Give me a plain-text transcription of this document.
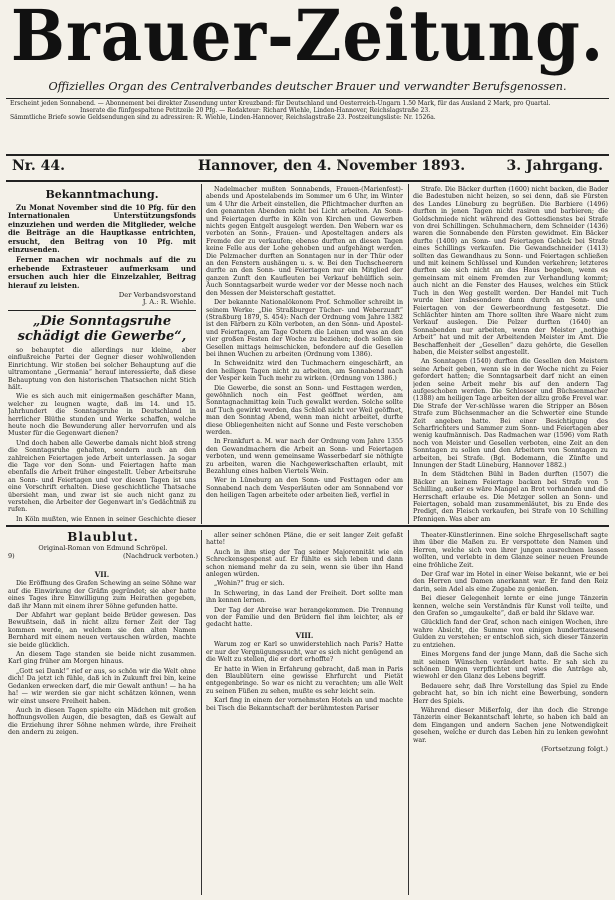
Brauer-Zeitung.
Offizielles Organ des Centralverbandes deutscher Brauer und verwandter Berufsgenossen.
Erscheint jeden Sonnabend. — Abonnement bei direkter Zusendung unter Kreuzband: für Deutschland und Oesterreich-Ungarn 1.50 Mark, für das Ausland 2 Mark, pro Quartal.
Inserate die fünfgespaltene Petitzeile 20 Pfg. — Redakteur: Richard Wiehle, Linden-Hannover, Reichslagstraße 23.
Sämmtliche Briefe sowie Geldsendungen sind zu adressiren: R. Wiehle, Linden-Hannover, Reichslagstraße 23. Postzeitungsliste: Nr. 1526a.
Nr. 44.	Hannover, den 4. November 1893.	3. Jahrgang.
Bekanntmachung.

Zu Monat November sind die 10 Pfg. für den Internationalen Unterstützungsfonds einzuziehen und werden die Mitglieder, welche die Beiträge an die Hauptkasse entrichten, ersucht, den Beitrag von 10 Pfg. mit einzusenden.

Ferner machen wir nochmals auf die zu erhebende Extrasteuer aufmerksam und ersuchen auch hier die Einzelzahler, Beitrag hierauf zu leisten.

Der Verbandsvorstand
J. A.: R. Wiehle.
„Die Sonntagsruhe schädigt die Gewerbe“,

so behauptet die allerdings nur kleine, aber einflußreiche Partei der Gegner dieser wohlwollenden Einrichtung. Wir stoßen bei solcher Behauptung auf die ultramontane „Germania“ herauf interessierte, daß diese Behauptung von den historischen Thatsachen nicht Stich hält.

Wie es sich auch mit einigermaßen geschäfter Mann, welcher zu leugnen wagte, daß im 14. und 15. Jahrhundert die Sonntagsruhe in Deutschland in herrlicher Blüthe stunden und Werke schaffen, welche heute noch die Bewunderung aller hervorrufen und als Muster für die Gegenwart dienen?

Und doch haben alle Gewerbe damals nicht bloß streng die Sonntagsruhe gehalten, sondern auch an den zahlreichen Feiertagen jede Arbeit unterlassen. Ja sogar die Tage vor den Sonn- und Feiertagen hatte man ebenfalls die Arbeit früher eingestellt. Ueber Arbeitsruhe an Sonn- und Feiertagen und vor diesen Tagen ist uns eine Vorschrift erhalten. Diese geschichtliche Thatsache übersieht man, und zwar ist sie auch nicht ganz zu verstehen, die Arbeiter der Gegenwart in's Gedächtniß zu rufen.

In Köln mußten, wie Ennen in seiner Geschichte dieser

Nadelmacher mußten Sonnabends, Frauen-(Marienfest)-abends und Apostelabends im Sommer um 6 Uhr, im Winter um 4 Uhr die Arbeit einstellen, die Pflichtmacher durften an den genannten Abenden nicht bei Licht arbeiten. An Sonn- und Feiertagen durfte in Köln von Kirchen und Gewerben nichts gegen Entgelt ausgelegt werden. Den Webern war es verboten an Sonn-, Frauen- und Aposteltagen anders als Fremde der zu verkaufen; ebenso durften an diesen Tagen keine Felle aus der Lohe gehoben und aufgehängt werden. Die Pelzmacher durften an Sonntagen nur in der Thür oder an den Fenstern aushängen u. s. w. Bei den Tuchscheerern durfte an den Sonn- und Feiertagen nur ein Mitglied der ganzen Zunft den Kaufleuten bei Verkauf behülflich sein. Auch Sonntagsarbeit wurde weder vor der Messe noch nach den Messen der Meisterschaft gestattet.

Der bekannte Nationalökonom Prof. Schmoller schreibt in seinem Werke: „Die Straßburger Tücher- und Weberzunft“ (Straßburg 1879, S. 454): Nach der Ordnung vom Jahre 1382 ist den Färbern zu Köln verboten, an den Sonn- und Apostel- und Feiertagen, am Tage Ostern die Leinen und was an den vier großen Festen der Woche zu beziehen; doch sollen sie Gesellen mittags heimschicken, befondere auf die Gesellen bei ihnen Wuchen zu arbeiten (Ordnung vom 1386).

In Schweidnitz wird den Tuchmachern eingeschärft, an den heiligen Tagen nicht zu arbeiten, am Sonnabend nach der Vesper kein Tuch mehr zu wirken. (Ordnung von 1386.)

Die Gewerbe, die sonst an Sonn- und Festtagen werden, gewöhnlich noch ein Fest geöffnet werden, am Sonntagnachmittag kein Tuch gewalkt werden. Solche sollte auf Tuch gewirkt werden, das Schloß nicht vor Weil geöffnet, man den Sonntag Abend, wenn man nicht arbeitet, durfte diese Obliegenheiten nicht auf Sonne und Feste verschoben werden.

In Frankfurt a. M. war nach der Ordnung vom Jahre 1355 den Gewandmachern die Arbeit an Sonn- und Feiertagen verboten, und wenn gemeinsame Wasserbedarf sie nöthigte zu arbeiten, waren die Nachgewerkschaften erlaubt, mit Bezahlung eines halben Viertels Wein.

Wer in Lüneburg an den Sonn- und Festtagen oder am Sonnabend nach dem Vesperläuten oder am Sonnabend vor den heiligen Tagen arbeitete oder arbeiten ließ, verfiel in

Strafe. Die Bäcker durften (1600) nicht backen, die Bader die Badestuben nicht heizen, so sei denn, daß sie Fürsten des Landes Lüneburg zu begrüßen. Die Barbiere (1496) durften in jenen Tagen nicht rasiren und barbieren; die Goldschmiede nicht während des Gottesdienstes bei Strafe von drei Schillingen. Schuhmachern, dem Schneider (1436) waren die Sonnabende den Fürsten gewidmet. Ein Bäcker durfte (1400) an Sonn- und Feiertagen Gebäck bei Strafe eines Schillings verkaufen. Die Gewandschneider (1413) sollten das Gewandhaus zu Sonn- und Feiertagen schließen und mit keinem Schlüssel und Kunden verkehren; letzteres durften sie sich nicht an das Haus begeben, wenn es gemeinsam mit einem Fremden zur Verhandlung kommt; auch nicht an die Fenster des Hauses, welches ein Stück Tuch in den Weg gestellt werden. Der Handel mit Tuch wurde hier insbesondere dann durch an Sonn- und Feiertagen von der Gewerbeordnung festgesetzt. Die Schlächter hinten am Thore sollten ihre Waare nicht zum Verkauf auslegen. Die Pelzer durften (1640) an Sonnabenden nur arbeiten, wenn der Meister „nothige Arbeit“ hat und mit der Arbeitenden Meister im Amt. Die Beschaffenheit der „Gesellen“ dazu gehörte, die Gesellen haben, die Meister selbst angestellt.

An Sonntagen (1540) durften die Gesellen den Meistern seine Arbeit geben, wenn sie in der Woche nicht zu Feier gefordert hatten; die Sonntagsarbeit darf nicht an einen jeden seine Arbeit mehr bis auf den andern Tag aufgeschoben werden. Die Schlosser und Büchsenmacher (1388) am heiligen Tage arbeiten der allzu große Frevel war. Die Strafe der Ver-schlüsse waren die Stripper an Bösen Strafe zum Büchsenmacher an die Schwerter eine Stunde Zeit angeben hatte. Bei einer Besichtigung des Scharfrichters und Sammer zum Sonn- und Feiertagen aber wenig kaufmännisch. Das Radmachen war (1596) vom Rath noch von Meister und Gesellen verboten, eine Zeit an den Sonntagen zu sollen und den Arbeitern von Sonntagen zu arbeiten, bei Strafe. (Bgl. Bodemann, die Zünfte und Innungen der Stadt Lüneburg, Hannover 1882.)

In dem Städtchen Bühl in Baden durften (1507) die Bäcker an keinem Feiertage backen bei Strafe von 5 Schilling, außer es wäre Mangel an Brot vorhanden und die Herrschaft erlaube es. Die Metzger sollen an Sonn- und Feiertagen, sobald man zusammenläutet, bis zu Ende des Predigt, den Fleisch verkaufen, bei Strafe von 10 Schilling Pfennigen. Was aber am

Blaublut.
Original-Roman von Edmund Schröpel.
9)	(Nachdruck verboten.)
VII.

Die Eröffnung des Grafen Schewing an seine Söhne war auf die Einwirkung der Gräfin gegründet; sie aber hatte eines Tages ihre Einwilligung zum Heirathen gegeben, daß ihr Mann mit einem ihrer Söhne gefunden hatte.

Der Abfahrt war geplant beide Brüder gewesen. Das Bewußtsein, daß in nicht allzu ferner Zeit der Tag kommen werde, an welchem sie den alten Namen Bernhard mit einem neuen vertauschen würden, machte sie beide glücklich.

An diesem Tage standen sie beide nicht zusammen. Karl ging früher am Morgen hinaus.

„Gott sei Dank!“ rief er aus, so schön wir die Welt ohne dich! Da jetzt ich fühle, daß ich in Zukunft frei bin, keine Gedanken erwecken darf, die mir Gewalt anthun! — ha ha ha! — wir werden sie gar nicht schätzen können, wenn wir einst unsere Freiheit haben.

Auch in diesen Tagen spielte ein Mädchen mit großen hoffnungsvollen Augen, die besagten, daß es Gewalt auf die Erziehung ihrer Söhne nehmen würde, ihre Freiheit den andern zu zeigen.

aller seiner schönen Pläne, die er seit langer Zeit gefaßt hatte!

Auch in ihm stieg der Tag seiner Majorennität wie ein Schreckensgespenst auf. Er fühlte es sich leben und dann schon niemand mehr da zu sein, wenn sie über ihn Hand anlegen würden.

„Wohin?“ frug er sich.

In Schwering, in das Land der Freiheit. Dort sollte man ihn kennen lernen.

Der Tag der Abreise war herangekommen. Die Trennung von der Familie und den Brüdern fiel ihm leichter, als er gedacht hatte.

VIII.

Warum zog er Karl so unwiderstehlich nach Paris? Hatte er nur der Vergnügungssucht, war es sich nicht genügend an die Welt zu stellen, die er dort erhoffte?

Er hatte in Wien in Erfahrung gebracht, daß man in Paris den Blaublütern eine gewisse Ehrfurcht und Pietät entgegenbringe. So war es nicht zu verachten; um alle Welt zu seinen Füßen zu sehen, mußte es sehr leicht sein.

Karl fing in einem der vornehmsten Hotels an und machte bei Tisch die Bekanntschaft der berühmtesten Pariser

Theater-Künstlerinnen. Eine solche Ehrgesellschaft sagte ihm über die Maßen zu. Er verspottete den Namen und Herren, welche sich von ihrer jungen ausrechnen lassen wollten, und verlebte in dem Glanze seiner neuen Freunde eine fröhliche Zeit.

Der Graf war im Hotel in einer Weise bekannt, wie er bei den Herren und Damen anerkannt war. Er fand den Reiz darin, sein Adel als eine Zugabe zu genießen.

Bei dieser Gelegenheit lernte er eine junge Tänzerin kennen, welche sein Verständnis für Kunst voll teilte, und den Grafen so „umgaukelte“, daß er bald ihr Sklave war.

Glücklich fand der Graf, schon nach einigen Wochen, ihre wahre Absicht, die Summe von einigen hunderttausend Gulden zu verstehen; er entschloß sich, sich dieser Tänzerin zu entziehen.

Eines Morgens fand der junge Mann, daß die Sache sich mit seinen Wünschen verändert hatte. Er sah sich zu schönen Dingen verpflichtet und wies die Anträge ab, wiewohl er den Glanz des Lebens begriff.

Bedauere sehr, daß Ihre Vorstellung das Spiel zu Ende gebracht hat, so bin ich nicht eine Bewerbung, sondern Herr des Spiels.

Während dieser Mißerfolg, der ihn doch die Strenge Tänzerin einer Bekanntschaft lehrte, so haben ich bald an dem Eingangen und andern Sachen jene Notwendigkeit gesehen, welche er durch das Leben hin zu lenken gewohnt war.

(Fortsetzung folgt.)
